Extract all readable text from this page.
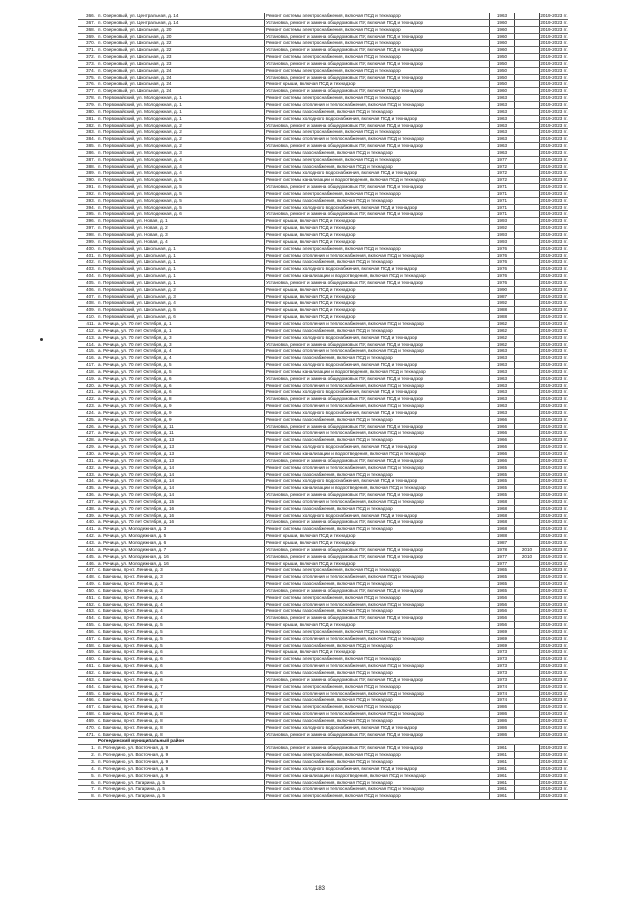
366. п. Озерновый, ул. Центральная, д. 14	Ремонт системы электроснабжения, включая ПСД и техназдор	1963	2019-2023 гг.
367. п. Озерновый, ул. Центральная, д. 14	Установка, ремонт и замена общедомовых ПУ, включая ПСД и технадзор	1960	2019-2023 гг.
368. п. Озерновый, ул. Школьная, д. 20	Ремонт системы электроснабжения, включая ПСД и техназдор	1960	2019-2023 гг.
369. п. Озерновый, ул. Школьная, д. 20	Установка, ремонт и замена общедомовых ПУ, включая ПСД и технадзор	1960	2019-2023 гг.
370. п. Озерновый, ул. Школьная, д. 22	Ремонт системы электроснабжения, включая ПСД и техназдор	1960	2019-2023 гг.
371. п. Озерновый, ул. Школьная, д. 22	Установка, ремонт и замена общедомовых ПУ, включая ПСД и технадзор	1960	2019-2023 гг.
372. п. Озерновый, ул. Школьная, д. 23	Ремонт системы электроснабжения, включая ПСД и техназдор	1950	2019-2023 гг.
373. п. Озерновый, ул. Школьная, д. 23	Установка, ремонт и замена общедомовых ПУ, включая ПСД и технадзор	1950	2019-2023 гг.
374. п. Озерновый, ул. Школьная, д. 24	Ремонт системы электроснабжения, включая ПСД и техназдор	1950	2019-2023 гг.
375. п. Озерновый, ул. Школьная, д. 24	Установка, ремонт и замена общедомовых ПУ, включая ПСД и технадзор	1950	2019-2023 гг.
376. п. Озерновый, ул. Школьная, д. 24	Ремонт крыши, включая ПСД и технадзор	1950	2019-2023 гг.
377. п. Озерновый, ул. Школьная, д. 24	Установка, ремонт и замена общедомовых ПУ, включая ПСД и технадзор	1960	2019-2023 гг.
378. п. Первомайский, ул. Молодежная, д. 1	Ремонт системы электроснабжения, включая ПСД и техназдор	1963	2019-2023 гг.
379. п. Первомайский, ул. Молодежная, д. 1	Ремонт системы отопления и теплоснабжения, включая ПСД и технадзор	1963	2019-2023 гг.
380. п. Первомайский, ул. Молодежная, д. 1	Ремонт системы газоснабжения, включая ПСД и технадзор	1963	2019-2023 гг.
381. п. Первомайский, ул. Молодежная, д. 1	Ремонт системы холодного водоснабжения, включая ПСД и технадзор	1963	2019-2023 гг.
382. п. Первомайский, ул. Молодежная, д. 2	Установка, ремонт и замена общедомовых ПУ, включая ПСД и технадзор	1963	2019-2023 гг.
383. п. Первомайский, ул. Молодежная, д. 2	Ремонт системы электроснабжения, включая ПСД и техназдор	1963	2019-2023 гг.
384. п. Первомайский, ул. Молодежная, д. 2	Ремонт системы отопления и теплоснабжения, включая ПСД и технадзор	1963	2019-2023 гг.
385. п. Первомайский, ул. Молодежная, д. 2	Установка, ремонт и замена общедомовых ПУ, включая ПСД и технадзор	1963	2019-2023 гг.
386. п. Первомайский, ул. Молодежная, д. 3	Ремонт системы газоснабжения, включая ПСД и технадзор	1963	2019-2023 гг.
387. п. Первомайский, ул. Молодежная, д. 4	Ремонт системы электроснабжения, включая ПСД и техназдор	1977	2019-2023 гг.
388. п. Первомайский, ул. Молодежная, д. 4	Ремонт системы газоснабжения, включая ПСД и технадзор	1972	2019-2023 гг.
389. п. Первомайский, ул. Молодежная, д. 4	Ремонт системы холодного водоснабжения, включая ПСД и технадзор	1972	2019-2023 гг.
390. п. Первомайский, ул. Молодежная, д. 5	Ремонт системы канализации и водоотведения, включая ПСД и технадзор	1972	2019-2023 гг.
391. п. Первомайский, ул. Молодежная, д. 5	Установка, ремонт и замена общедомовых ПУ, включая ПСД и технадзор	1971	2019-2023 гг.
392. п. Первомайский, ул. Молодежная, д. 5	Ремонт системы электроснабжения, включая ПСД и техназдор	1971	2019-2023 гг.
393. п. Первомайский, ул. Молодежная, д. 5	Ремонт системы газоснабжения, включая ПСД и технадзор	1971	2019-2023 гг.
394. п. Первомайский, ул. Молодежная, д. 5	Ремонт системы холодного водоснабжения, включая ПСД и технадзор	1971	2019-2023 гг.
395. п. Первомайский, ул. Молодежная, д. 6	Установка, ремонт и замена общедомовых ПУ, включая ПСД и технадзор	1971	2019-2023 гг.
396. п. Первомайский, ул. Новая, д. 1	Ремонт крыши, включая ПСД и технадзор	1993	2019-2023 гг.
397. п. Первомайский, ул. Новая, д. 2	Ремонт крыши, включая ПСД и технадзор	1992	2019-2023 гг.
398. п. Первомайский, ул. Новая, д. 3	Ремонт крыши, включая ПСД и технадзор	1993	2019-2023 гг.
399. п. Первомайский, ул. Новая, д. 4	Ремонт крыши, включая ПСД и технадзор	1993	2019-2023 гг.
400. п. Первомайский, ул. Школьная, д. 1	Ремонт системы электроснабжения, включая ПСД и техназдор	1976	2019-2023 гг.
401. п. Первомайский, ул. Школьная, д. 1	Ремонт системы отопления и теплоснабжения, включая ПСД и технадзор	1976	2019-2023 гг.
402. п. Первомайский, ул. Школьная, д. 1	Ремонт системы газоснабжения, включая ПСД и технадзор	1976	2019-2023 гг.
403. п. Первомайский, ул. Школьная, д. 1	Ремонт системы холодного водоснабжения, включая ПСД и технадзор	1976	2019-2023 гг.
404. п. Первомайский, ул. Школьная, д. 1	Ремонт системы канализации и водоотведения, включая ПСД и технадзор	1976	2019-2023 гг.
405. п. Первомайский, ул. Школьная, д. 1	Установка, ремонт и замена общедомовых ПУ, включая ПСД и технадзор	1976	2019-2023 гг.
406. п. Первомайский, ул. Школьная, д. 2	Ремонт крыши, включая ПСД и технадзор	1990	2019-2023 гг.
407. п. Первомайский, ул. Школьная, д. 3	Ремонт крыши, включая ПСД и технадзор	1987	2019-2023 гг.
408. п. Первомайский, ул. Школьная, д. 4	Ремонт крыши, включая ПСД и технадзор	1992	2019-2023 гг.
409. п. Первомайский, ул. Школьная, д. 5	Ремонт крыши, включая ПСД и технадзор	1988	2019-2023 гг.
410. п. Первомайский, ул. Школьная, д. 6	Ремонт крыши, включая ПСД и технадзор	1988	2019-2023 гг.
411. а. Речица, ул. 70 лет Октября, д. 1	Ремонт системы отопления и теплоснабжения, включая ПСД и технадзор	1962	2019-2023 гг.
412. а. Речица, ул. 70 лет Октября, д. 1	Ремонт системы газоснабжения, включая ПСД и технадзор	1962	2019-2023 гг.
413. а. Речица, ул. 70 лет Октября, д. 3	Ремонт системы холодного водоснабжения, включая ПСД и технадзор	1962	2019-2023 гг.
414. а. Речица, ул. 70 лет Октября, д. 3	Установка, ремонт и замена общедомовых ПУ, включая ПСД и технадзор	1962	2019-2023 гг.
415. а. Речица, ул. 70 лет Октября, д. 4	Ремонт системы отопления и теплоснабжения, включая ПСД и технадзор	1963	2019-2023 гг.
416. а. Речица, ул. 70 лет Октября, д. 4	Ремонт системы газоснабжения, включая ПСД и технадзор	1963	2019-2023 гг.
417. а. Речица, ул. 70 лет Октября, д. 5	Ремонт системы холодного водоснабжения, включая ПСД и технадзор	1963	2019-2023 гг.
418. а. Речица, ул. 70 лет Октября, д. 5	Ремонт системы канализации и водоотведения, включая ПСД и технадзор	1963	2019-2023 гг.
419. а. Речица, ул. 70 лет Октября, д. 6	Установка, ремонт и замена общедомовых ПУ, включая ПСД и технадзор	1963	2019-2023 гг.
420. а. Речица, ул. 70 лет Октября, д. 6	Ремонт системы отопления и теплоснабжения, включая ПСД и технадзор	1963	2019-2023 гг.
421. а. Речица, ул. 70 лет Октября, д. 6	Ремонт системы холодного водоснабжения, включая ПСД и технадзор	1963	2019-2023 гг.
422. а. Речица, ул. 70 лет Октября, д. 8	Установка, ремонт и замена общедомовых ПУ, включая ПСД и технадзор	1963	2019-2023 гг.
423. а. Речица, ул. 70 лет Октября, д. 9	Ремонт системы отопления и теплоснабжения, включая ПСД и технадзор	1963	2019-2023 гг.
424. а. Речица, ул. 70 лет Октября, д. 9	Ремонт системы холодного водоснабжения, включая ПСД и технадзор	1963	2019-2023 гг.
425. а. Речица, ул. 70 лет Октября, д. 9	Ремонт системы газоснабжения, включая ПСД и технадзор	1966	2019-2023 гг.
426. а. Речица, ул. 70 лет Октября, д. 11	Установка, ремонт и замена общедомовых ПУ, включая ПСД и технадзор	1966	2019-2023 гг.
427. а. Речица, ул. 70 лет Октября, д. 11	Ремонт системы отопления и теплоснабжения, включая ПСД и технадзор	1966	2019-2023 гг.
428. а. Речица, ул. 70 лет Октября, д. 13	Ремонт системы газоснабжения, включая ПСД и технадзор	1966	2019-2023 гг.
429. а. Речица, ул. 70 лет Октября, д. 13	Ремонт системы холодного водоснабжения, включая ПСД и технадзор	1966	2019-2023 гг.
430. а. Речица, ул. 70 лет Октября, д. 13	Ремонт системы канализации и водоотведения, включая ПСД и технадзор	1966	2019-2023 гг.
431. а. Речица, ул. 70 лет Октября, д. 13	Установка, ремонт и замена общедомовых ПУ, включая ПСД и технадзор	1966	2019-2023 гг.
432. а. Речица, ул. 70 лет Октября, д. 14	Ремонт системы отопления и теплоснабжения, включая ПСД и технадзор	1965	2019-2023 гг.
433. а. Речица, ул. 70 лет Октября, д. 14	Ремонт системы газоснабжения, включая ПСД и технадзор	1965	2019-2023 гг.
434. а. Речица, ул. 70 лет Октября, д. 14	Ремонт системы холодного водоснабжения, включая ПСД и технадзор	1965	2019-2023 гг.
435. а. Речица, ул. 70 лет Октября, д. 14	Ремонт системы канализации и водоотведения, включая ПСД и технадзор	1965	2019-2023 гг.
436. а. Речица, ул. 70 лет Октября, д. 14	Установка, ремонт и замена общедомовых ПУ, включая ПСД и технадзор	1965	2019-2023 гг.
437. а. Речица, ул. 70 лет Октября, д. 15	Ремонт системы отопления и теплоснабжения, включая ПСД и технадзор	1968	2019-2023 гг.
438. а. Речица, ул. 70 лет Октября, д. 16	Ремонт системы газоснабжения, включая ПСД и технадзор	1968	2019-2023 гг.
439. а. Речица, ул. 70 лет Октября, д. 16	Ремонт системы холодного водоснабжения, включая ПСД и технадзор	1968	2019-2023 гг.
440. а. Речица, ул. 70 лет Октября, д. 16	Установка, ремонт и замена общедомовых ПУ, включая ПСД и технадзор	1968	2019-2023 гг.
441. а. Речица, ул. Молодежная, д. 3	Ремонт системы газоснабжения, включая ПСД и технадзор	1968	2019-2023 гг.
442. а. Речица, ул. Молодежная, д. 5	Ремонт крыши, включая ПСД и технадзор	1988	2019-2023 гг.
443. а. Речица, ул. Молодежная, д. 6	Ремонт крыши, включая ПСД и технадзор	1987	2019-2023 гг.
444. а. Речица, ул. Молодежная, д. 7	Установка, ремонт и замена общедомовых ПУ, включая ПСД и технадзор	1978	2010	2019-2023 гг.
445. а. Речица, ул. Молодежная, д. 16	Установка, ремонт и замена общедомовых ПУ, включая ПСД и технадзор	1977	2010	2019-2023 гг.
446. а. Речица, ул. Молодежная, д. 16	Ремонт крыши, включая ПСД и технадзор	1977	2019-2023 гг.
447. с. Бакчаны, пр-кт. Ленина, д. 3	Ремонт системы электроснабжения, включая ПСД и техназдор	1965	2019-2023 гг.
448. с. Бакчаны, пр-кт. Ленина, д. 3	Ремонт системы отопления и теплоснабжения, включая ПСД и технадзор	1965	2019-2023 гг.
449. с. Бакчаны, пр-кт. Ленина, д. 3	Ремонт системы газоснабжения, включая ПСД и технадзор	1965	2019-2023 гг.
450. с. Бакчаны, пр-кт. Ленина, д. 3	Установка, ремонт и замена общедомовых ПУ, включая ПСД и технадзор	1965	2019-2023 гг.
451. с. Бакчаны, пр-кт. Ленина, д. 4	Ремонт системы электроснабжения, включая ПСД и техназдор	1956	2019-2023 гг.
452. с. Бакчаны, пр-кт. Ленина, д. 4	Ремонт системы отопления и теплоснабжения, включая ПСД и технадзор	1956	2019-2023 гг.
453. с. Бакчаны, пр-кт. Ленина, д. 4	Ремонт системы газоснабжения, включая ПСД и технадзор	1956	2019-2023 гг.
454. с. Бакчаны, пр-кт. Ленина, д. 4	Установка, ремонт и замена общедомовых ПУ, включая ПСД и технадзор	1956	2019-2023 гг.
455. с. Бакчаны, пр-кт. Ленина, д. 5	Ремонт крыши, включая ПСД и технадзор	1956	2019-2023 гг.
456. с. Бакчаны, пр-кт. Ленина, д. 5	Ремонт системы электроснабжения, включая ПСД и техназдор	1969	2019-2023 гг.
457. с. Бакчаны, пр-кт. Ленина, д. 5	Ремонт системы отопления и теплоснабжения, включая ПСД и технадзор	1969	2019-2023 гг.
458. с. Бакчаны, пр-кт. Ленина, д. 5	Ремонт системы газоснабжения, включая ПСД и технадзор	1969	2019-2023 гг.
459. с. Бакчаны, пр-кт. Ленина, д. 6	Ремонт крыши, включая ПСД и технадзор	1973	2019-2023 гг.
460. с. Бакчаны, пр-кт. Ленина, д. 6	Ремонт системы электроснабжения, включая ПСД и техназдор	1973	2019-2023 гг.
461. с. Бакчаны, пр-кт. Ленина, д. 6	Ремонт системы отопления и теплоснабжения, включая ПСД и технадзор	1973	2019-2023 гг.
462. с. Бакчаны, пр-кт. Ленина, д. 6	Ремонт системы газоснабжения, включая ПСД и технадзор	1973	2019-2023 гг.
463. с. Бакчаны, пр-кт. Ленина, д. 6	Установка, ремонт и замена общедомовых ПУ, включая ПСД и технадзор	1973	2019-2023 гг.
464. с. Бакчаны, пр-кт. Ленина, д. 7	Ремонт системы электроснабжения, включая ПСД и техназдор	1974	2019-2023 гг.
465. с. Бакчаны, пр-кт. Ленина, д. 7	Ремонт системы отопления и теплоснабжения, включая ПСД и технадзор	1974	2019-2023 гг.
466. с. Бакчаны, пр-кт. Ленина, д. 7	Ремонт системы газоснабжения, включая ПСД и технадзор	1974	2019-2023 гг.
467. с. Бакчаны, пр-кт. Ленина, д. 8	Ремонт системы электроснабжения, включая ПСД и техназдор	1986	2019-2023 гг.
468. с. Бакчаны, пр-кт. Ленина, д. 8	Ремонт системы отопления и теплоснабжения, включая ПСД и технадзор	1986	2019-2023 гг.
469. с. Бакчаны, пр-кт. Ленина, д. 8	Ремонт системы газоснабжения, включая ПСД и технадзор	1986	2019-2023 гг.
470. с. Бакчаны, пр-кт. Ленина, д. 8	Ремонт системы холодного водоснабжения, включая ПСД и технадзор	1986	2019-2023 гг.
471. с. Бакчаны, пр-кт. Ленина, д. 8	Установка, ремонт и замена общедомовых ПУ, включая ПСД и технадзор	1986	2019-2023 гг.
Рогнединский муниципальный район
1. п. Рогнедино, ул. Восточная, д. 9	Установка, ремонт и замена общедомовых ПУ, включая ПСД и технадзор	1961	2019-2023 гг.
2. п. Рогнедино, ул. Восточная, д. 9	Ремонт системы электроснабжения, включая ПСД и техназдор	1961	2019-2023 гг.
3. п. Рогнедино, ул. Восточная, д. 9	Ремонт системы газоснабжения, включая ПСД и технадзор	1961	2019-2023 гг.
4. п. Рогнедино, ул. Восточная, д. 9	Ремонт системы холодного водоснабжения, включая ПСД и технадзор	1961	2019-2023 гг.
5. п. Рогнедино, ул. Восточная, д. 9	Ремонт системы канализации и водоотведения, включая ПСД и технадзор	1961	2019-2023 гг.
6. п. Рогнедино, ул. Гагарина, д. 5	Ремонт системы газоснабжения, включая ПСД и технадзор	1961	2019-2023 гг.
7. п. Рогнедино, ул. Гагарина, д. 5	Ремонт системы отопления и теплоснабжения, включая ПСД и технадзор	1961	2019-2023 гг.
8. п. Рогнедино, ул. Гагарина, д. 5	Ремонт системы электроснабжения, включая ПСД и техназдор	1961	2019-2023 гг.
183
